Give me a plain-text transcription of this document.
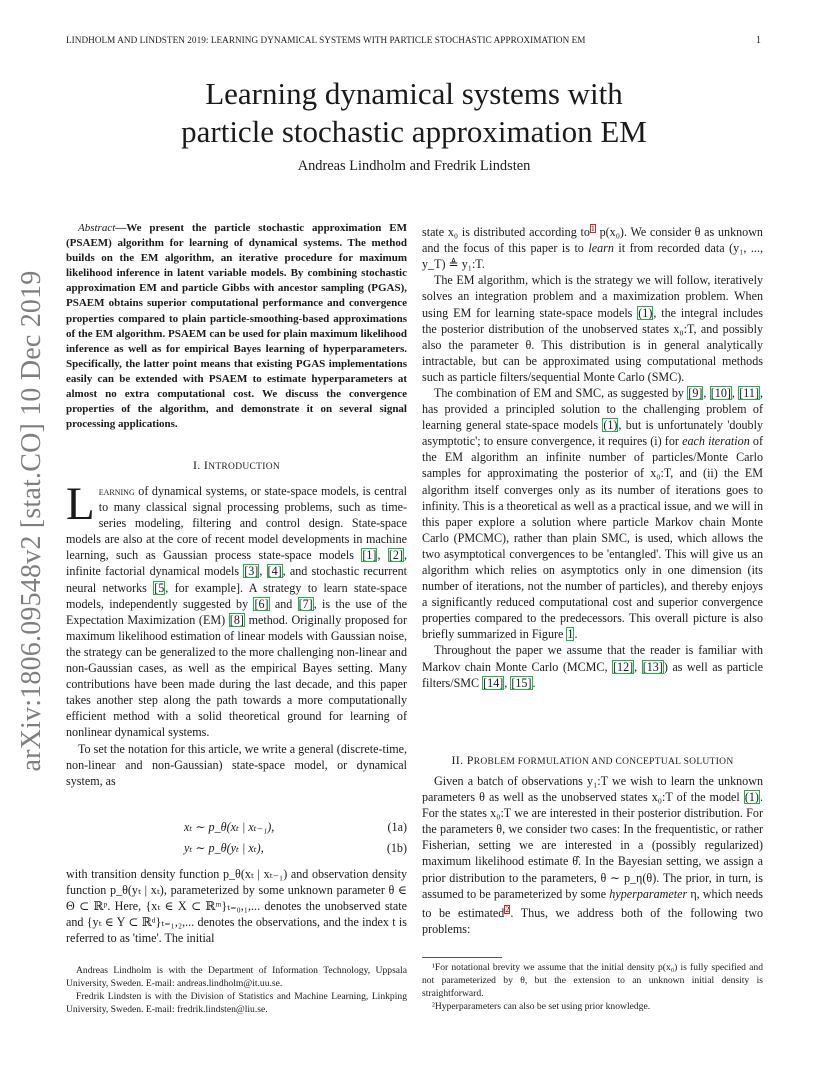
LINDHOLM AND LINDSTEN 2019: LEARNING DYNAMICAL SYSTEMS WITH PARTICLE STOCHASTIC APPROXIMATION EM	1
arXiv:1806.09548v2 [stat.CO] 10 Dec 2019
Learning dynamical systems with
particle stochastic approximation EM
Andreas Lindholm and Fredrik Lindsten
Abstract—We present the particle stochastic approximation EM (PSAEM) algorithm for learning of dynamical systems. The method builds on the EM algorithm, an iterative procedure for maximum likelihood inference in latent variable models. By combining stochastic approximation EM and particle Gibbs with ancestor sampling (PGAS), PSAEM obtains superior computational performance and convergence properties compared to plain particle-smoothing-based approximations of the EM algorithm. PSAEM can be used for plain maximum likelihood inference as well as for empirical Bayes learning of hyperparameters. Specifically, the latter point means that existing PGAS implementations easily can be extended with PSAEM to estimate hyperparameters at almost no extra computational cost. We discuss the convergence properties of the algorithm, and demonstrate it on several signal processing applications.
I. INTRODUCTION

Learning of dynamical systems, or state-space models, is central to many classical signal processing problems, such as time-series modeling, filtering and control design. State-space models are also at the core of recent model developments in machine learning, such as Gaussian process state-space models [1], [2], infinite factorial dynamical models [3], [4], and stochastic recurrent neural networks [5, for example]. A strategy to learn state-space models, independently suggested by [6] and [7], is the use of the Expectation Maximization (EM) [8] method. Originally proposed for maximum likelihood estimation of linear models with Gaussian noise, the strategy can be generalized to the more challenging non-linear and non-Gaussian cases, as well as the empirical Bayes setting. Many contributions have been made during the last decade, and this paper takes another step along the path towards a more computationally efficient method with a solid theoretical ground for learning of nonlinear dynamical systems.

To set the notation for this article, we write a general (discrete-time, non-linear and non-Gaussian) state-space model, or dynamical system, as

xₜ ∼ p_θ(xₜ | xₜ₋₁),	(1a)
yₜ ∼ p_θ(yₜ | xₜ),	(1b)

with transition density function p_θ(xₜ | xₜ₋₁) and observation density function p_θ(yₜ | xₜ), parameterized by some unknown parameter θ ∈ Θ ⊂ ℝᵖ. Here, {xₜ ∈ X ⊂ ℝᵐ}ₜ₌₀,₁,... denotes the unobserved state and {yₜ ∈ Y ⊂ ℝᵈ}ₜ₌₁,₂,... denotes the observations, and the index t is referred to as 'time'. The initial

Andreas Lindholm is with the Department of Information Technology, Uppsala University, Sweden. E-mail: andreas.lindholm@it.uu.se.

Fredrik Lindsten is with the Division of Statistics and Machine Learning, Linkping University, Sweden. E-mail: fredrik.lindsten@liu.se.

state x₀ is distributed according to$^1$ p(x₀). We consider θ as unknown and the focus of this paper is to learn it from recorded data (y₁, ..., y_T) ≜ y₁:T.

The EM algorithm, which is the strategy we will follow, iteratively solves an integration problem and a maximization problem. When using EM for learning state-space models (1), the integral includes the posterior distribution of the unobserved states x₀:T, and possibly also the parameter θ. This distribution is in general analytically intractable, but can be approximated using computational methods such as particle filters/sequential Monte Carlo (SMC).

The combination of EM and SMC, as suggested by [9], [10], [11], has provided a principled solution to the challenging problem of learning general state-space models (1), but is unfortunately 'doubly asymptotic'; to ensure convergence, it requires (i) for each iteration of the EM algorithm an infinite number of particles/Monte Carlo samples for approximating the posterior of x₀:T, and (ii) the EM algorithm itself converges only as its number of iterations goes to infinity. This is a theoretical as well as a practical issue, and we will in this paper explore a solution where particle Markov chain Monte Carlo (PMCMC), rather than plain SMC, is used, which allows the two asymptotical convergences to be 'entangled'. This will give us an algorithm which relies on asymptotics only in one dimension (its number of iterations, not the number of particles), and thereby enjoys a significantly reduced computational cost and superior convergence properties compared to the predecessors. This overall picture is also briefly summarized in Figure 1.

Throughout the paper we assume that the reader is familiar with Markov chain Monte Carlo (MCMC, [12], [13]) as well as particle filters/SMC [14], [15].

II. PROBLEM FORMULATION AND CONCEPTUAL SOLUTION

Given a batch of observations y₁:T we wish to learn the unknown parameters θ as well as the unobserved states x₀:T of the model (1). For the states x₀:T we are interested in their posterior distribution. For the parameters θ, we consider two cases: In the frequentistic, or rather Fisherian, setting we are interested in a (possibly regularized) maximum likelihood estimate θ̂. In the Bayesian setting, we assign a prior distribution to the parameters, θ ∼ p_η(θ). The prior, in turn, is assumed to be parameterized by some hyperparameter η, which needs to be estimated$^2$. Thus, we address both of the following two problems:

¹For notational brevity we assume that the initial density p(x₀) is fully specified and not parameterized by θ, but the extension to an unknown initial density is straightforward.

²Hyperparameters can also be set using prior knowledge.
